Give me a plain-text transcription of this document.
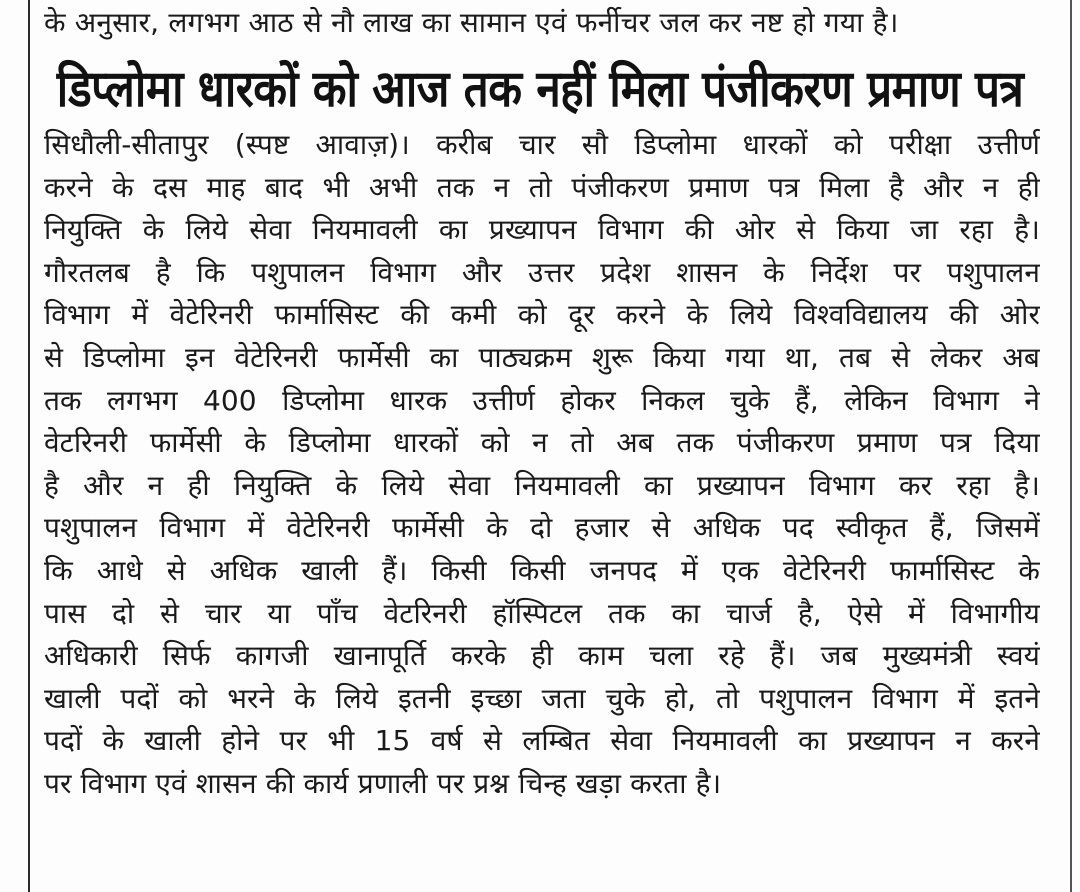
के अनुसार, लगभग आठ से नौ लाख का सामान एवं फर्नीचर जल कर नष्ट हो गया है।
डिप्लोमा धारकों को आज तक नहीं मिला पंजीकरण प्रमाण पत्र
सिधौली-सीतापुर (स्पष्ट आवाज़)। करीब चार सौ डिप्लोमा धारकों को परीक्षा उत्तीर्ण
करने के दस माह बाद भी अभी तक न तो पंजीकरण प्रमाण पत्र मिला है और न ही
नियुक्ति के लिये सेवा नियमावली का प्रख्यापन विभाग की ओर से किया जा रहा है।
गौरतलब है कि पशुपालन विभाग और उत्तर प्रदेश शासन के निर्देश पर पशुपालन
विभाग में वेटेरिनरी फार्मासिस्ट की कमी को दूर करने के लिये विश्वविद्यालय की ओर
से डिप्लोमा इन वेटेरिनरी फार्मेसी का पाठ्यक्रम शुरू किया गया था, तब से लेकर अब
तक लगभग 400 डिप्लोमा धारक उत्तीर्ण होकर निकल चुके हैं, लेकिन विभाग ने
वेटरिनरी फार्मेसी के डिप्लोमा धारकों को न तो अब तक पंजीकरण प्रमाण पत्र दिया
है और न ही नियुक्ति के लिये सेवा नियमावली का प्रख्यापन विभाग कर रहा है।
पशुपालन विभाग में वेटेरिनरी फार्मेसी के दो हजार से अधिक पद स्वीकृत हैं, जिसमें
कि आधे से अधिक खाली हैं। किसी किसी जनपद में एक वेटेरिनरी फार्मासिस्ट के
पास दो से चार या पाँच वेटरिनरी हॉस्पिटल तक का चार्ज है, ऐसे में विभागीय
अधिकारी सिर्फ कागजी खानापूर्ति करके ही काम चला रहे हैं। जब मुख्यमंत्री स्वयं
खाली पदों को भरने के लिये इतनी इच्छा जता चुके हो, तो पशुपालन विभाग में इतने
पदों के खाली होने पर भी 15 वर्ष से लम्बित सेवा नियमावली का प्रख्यापन न करने
पर विभाग एवं शासन की कार्य प्रणाली पर प्रश्न चिन्ह खड़ा करता है।
